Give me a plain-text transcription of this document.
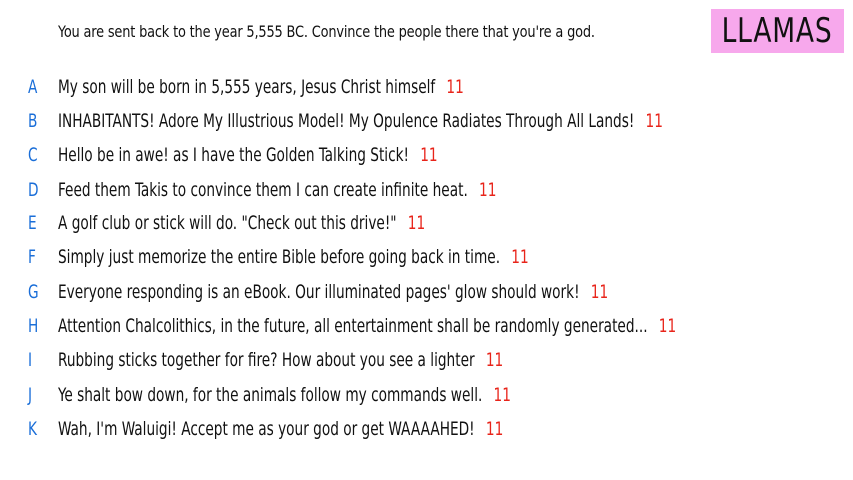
You are sent back to the year 5,555 BC. Convince the people there that you're a god.	LLAMAS
A	My son will be born in 5,555 years, Jesus Christ himself 11
B	INHABITANTS! Adore My Illustrious Model! My Opulence Radiates Through All Lands! 11
C	Hello be in awe! as I have the Golden Talking Stick! 11
D Feed them Takis to convince them I can create infinite heat. 11
E	A golf club or stick will do. "Check out this drive!" 11
F	Simply just memorize the entire Bible before going back in time. 11
G Everyone responding is an eBook. Our illuminated pages' glow should work! 11
H	Attention Chalcolithics, in the future, all entertainment shall be randomly generated... 11
I	Rubbing sticks together for fire? How about you see a lighter 11
J	Ye shalt bow down, for the animals follow my commands well. 11
K	Wah, I'm Waluigi! Accept me as your god or get WAAAAHED! 11
